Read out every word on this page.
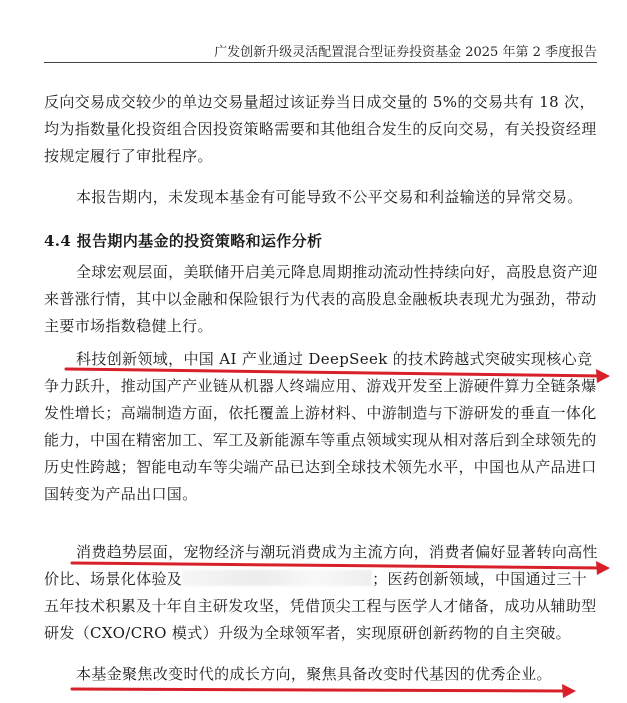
广发创新升级灵活配置混合型证券投资基金 2025 年第 2 季度报告

反向交易成交较少的单边交易量超过该证券当日成交量的 5%的交易共有 18 次，均为指数量化投资组合因投资策略需要和其他组合发生的反向交易，有关投资经理按规定履行了审批程序。

本报告期内，未发现本基金有可能导致不公平交易和利益输送的异常交易。

4.4 报告期内基金的投资策略和运作分析

全球宏观层面，美联储开启美元降息周期推动流动性持续向好，高股息资产迎来普涨行情，其中以金融和保险银行为代表的高股息金融板块表现尤为强劲，带动主要市场指数稳健上行。

科技创新领域，中国 AI 产业通过 DeepSeek 的技术跨越式突破实现核心竞争力跃升，推动国产产业链从机器人终端应用、游戏开发至上游硬件算力全链条爆发性增长；高端制造方面，依托覆盖上游材料、中游制造与下游研发的垂直一体化能力，中国在精密加工、军工及新能源车等重点领域实现从相对落后到全球领先的历史性跨越；智能电动车等尖端产品已达到全球技术领先水平，中国也从产品进口国转变为产品出口国。

消费趋势层面，宠物经济与潮玩消费成为主流方向，消费者偏好显著转向高性价比、场景化体验及	；医药创新领域，中国通过三十五年技术积累及十年自主研发攻坚，凭借顶尖工程与医学人才储备，成功从辅助型研发（CXO/CRO 模式）升级为全球领军者，实现原研创新药物的自主突破。

本基金聚焦改变时代的成长方向，聚焦具备改变时代基因的优秀企业。
